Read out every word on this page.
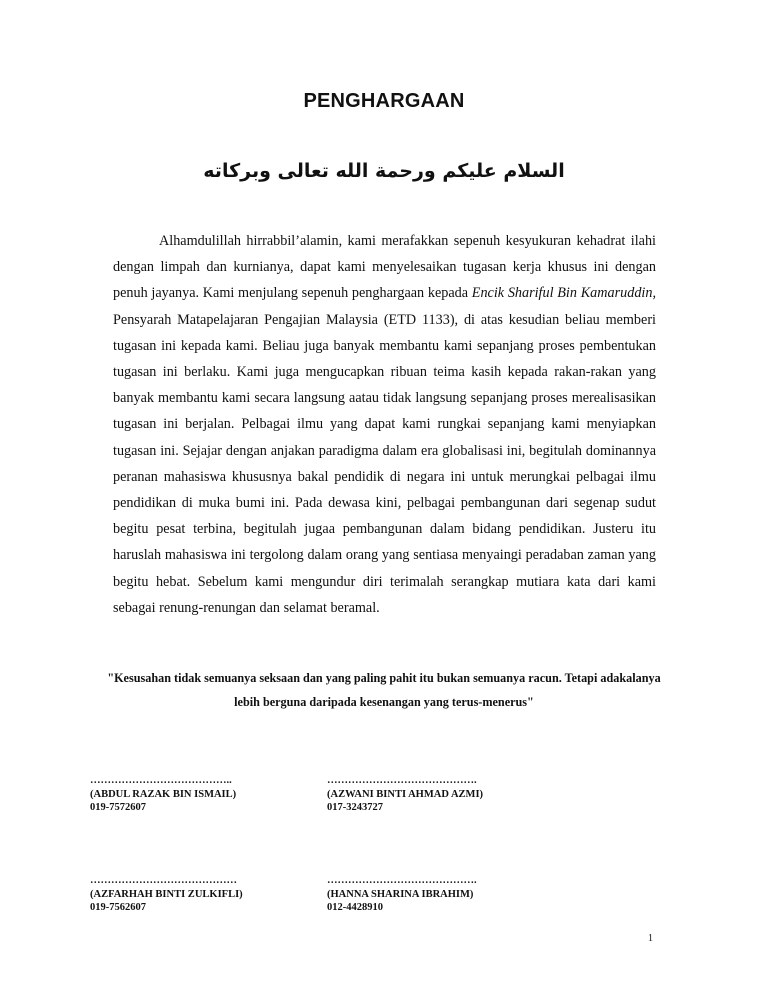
PENGHARGAAN
السلام عليكم ورحمة الله تعالى وبركاته

Alhamdulillah hirrabbil’alamin, kami merafakkan sepenuh kesyukuran kehadrat ilahi dengan limpah dan kurnianya, dapat kami menyelesaikan tugasan kerja khusus ini dengan penuh jayanya. Kami menjulang sepenuh penghargaan kepada Encik Shariful Bin Kamaruddin, Pensyarah Matapelajaran Pengajian Malaysia (ETD 1133), di atas kesudian beliau memberi tugasan ini kepada kami. Beliau juga banyak membantu kami sepanjang proses pembentukan tugasan ini berlaku. Kami juga mengucapkan ribuan teima kasih kepada rakan-rakan yang banyak membantu kami secara langsung aatau tidak langsung sepanjang proses merealisasikan tugasan ini berjalan. Pelbagai ilmu yang dapat kami rungkai sepanjang kami menyiapkan tugasan ini. Sejajar dengan anjakan paradigma dalam era globalisasi ini, begitulah dominannya peranan mahasiswa khususnya bakal pendidik di negara ini untuk merungkai pelbagai ilmu pendidikan di muka bumi ini. Pada dewasa kini, pelbagai pembangunan dari segenap sudut begitu pesat terbina, begitulah jugaa pembangunan dalam bidang pendidikan. Justeru itu haruslah mahasiswa ini tergolong dalam orang yang sentiasa menyaingi peradaban zaman yang begitu hebat. Sebelum kami mengundur diri terimalah serangkap mutiara kata dari kami sebagai renung-renungan dan selamat beramal.

"Kesusahan tidak semuanya seksaan dan yang paling pahit itu bukan semuanya racun. Tetapi adakalanya lebih berguna daripada kesenangan yang terus-menerus"

…………………………………..
(ABDUL RAZAK BIN ISMAIL)
019-7572607
…………………………………….
(AZWANI BINTI AHMAD AZMI)
017-3243727
……………………………………
(AZFARHAH BINTI ZULKIFLI)
019-7562607
…………………………………….
(HANNA SHARINA IBRAHIM)
012-4428910
1
